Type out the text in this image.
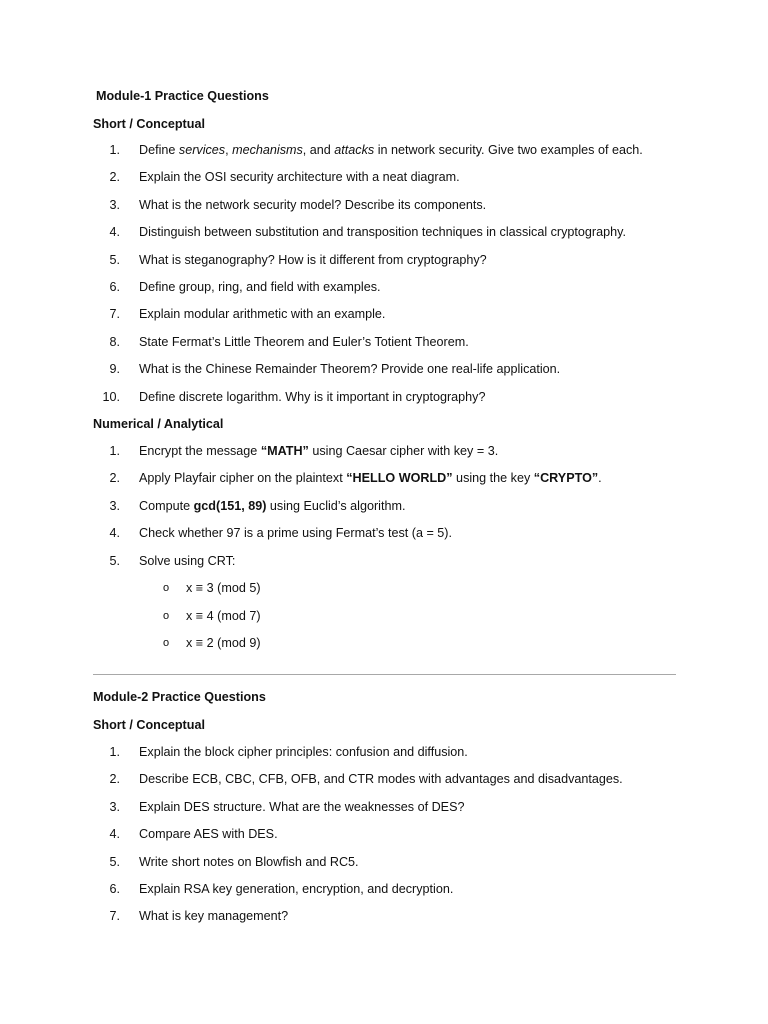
Module-1 Practice Questions
Short / Conceptual
1. Define services, mechanisms, and attacks in network security. Give two examples of each.
2. Explain the OSI security architecture with a neat diagram.
3. What is the network security model? Describe its components.
4. Distinguish between substitution and transposition techniques in classical cryptography.
5. What is steganography? How is it different from cryptography?
6. Define group, ring, and field with examples.
7. Explain modular arithmetic with an example.
8. State Fermat’s Little Theorem and Euler’s Totient Theorem.
9. What is the Chinese Remainder Theorem? Provide one real-life application.
10. Define discrete logarithm. Why is it important in cryptography?
Numerical / Analytical
1. Encrypt the message “MATH” using Caesar cipher with key = 3.
2. Apply Playfair cipher on the plaintext “HELLO WORLD” using the key “CRYPTO”.
3. Compute gcd(151, 89) using Euclid’s algorithm.
4. Check whether 97 is a prime using Fermat’s test (a = 5).
5. Solve using CRT:
o x ≡ 3 (mod 5)
o x ≡ 4 (mod 7)
o x ≡ 2 (mod 9)
Module-2 Practice Questions
Short / Conceptual
1. Explain the block cipher principles: confusion and diffusion.
2. Describe ECB, CBC, CFB, OFB, and CTR modes with advantages and disadvantages.
3. Explain DES structure. What are the weaknesses of DES?
4. Compare AES with DES.
5. Write short notes on Blowfish and RC5.
6. Explain RSA key generation, encryption, and decryption.
7. What is key management?
